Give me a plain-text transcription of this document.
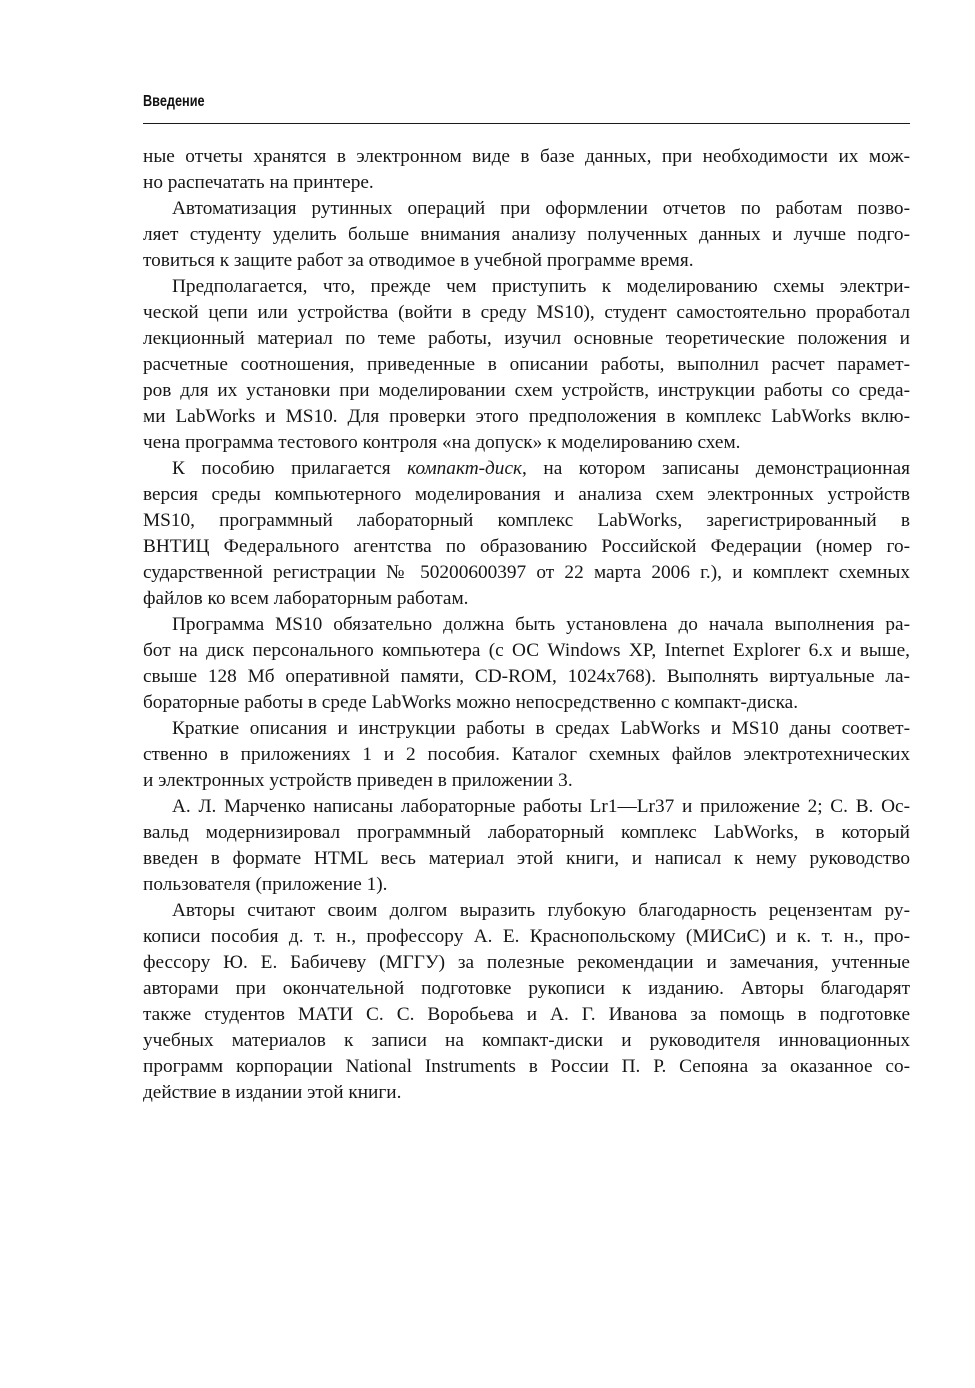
Введение

ные отчеты хранятся в электронном виде в базе данных, при необходимости их мож-
но распечатать на принтере.

Автоматизация рутинных операций при оформлении отчетов по работам позво-
ляет студенту уделить больше внимания анализу полученных данных и лучше подго-
товиться к защите работ за отводимое в учебной программе время.

Предполагается, что, прежде чем приступить к моделированию схемы электри-
ческой цепи или устройства (войти в среду MS10), студент самостоятельно проработал
лекционный материал по теме работы, изучил основные теоретические положения и
расчетные соотношения, приведенные в описании работы, выполнил расчет парамет-
ров для их установки при моделировании схем устройств, инструкции работы со среда-
ми LabWorks и MS10. Для проверки этого предположения в комплекс LabWorks вклю-
чена программа тестового контроля «на допуск» к моделированию схем.

К пособию прилагается компакт-диск, на котором записаны демонстрационная
версия среды компьютерного моделирования и анализа схем электронных устройств
MS10, программный лабораторный комплекс LabWorks, зарегистрированный в
ВНТИЦ Федерального агентства по образованию Российской Федерации (номер го-
сударственной регистрации № 50200600397 от 22 марта 2006 г.), и комплект схемных
файлов ко всем лабораторным работам.

Программа MS10 обязательно должна быть установлена до начала выполнения ра-
бот на диск персонального компьютера (с ОС Windows XP, Internet Explorer 6.x и выше,
свыше 128 Мб оперативной памяти, CD-ROM, 1024x768). Выполнять виртуальные ла-
бораторные работы в среде LabWorks можно непосредственно с компакт-диска.

Краткие описания и инструкции работы в средах LabWorks и MS10 даны соответ-
ственно в приложениях 1 и 2 пособия. Каталог схемных файлов электротехнических
и электронных устройств приведен в приложении 3.

А. Л. Марченко написаны лабораторные работы Lr1—Lr37 и приложение 2; С. В. Ос-
вальд модернизировал программный лабораторный комплекс LabWorks, в который
введен в формате HTML весь материал этой книги, и написал к нему руководство
пользователя (приложение 1).

Авторы считают своим долгом выразить глубокую благодарность рецензентам ру-
кописи пособия д. т. н., профессору А. Е. Краснопольскому (МИСиС) и к. т. н., про-
фессору Ю. Е. Бабичеву (МГГУ) за полезные рекомендации и замечания, учтенные
авторами при окончательной подготовке рукописи к изданию. Авторы благодарят
также студентов МАТИ С. С. Воробьева и А. Г. Иванова за помощь в подготовке
учебных материалов к записи на компакт-диски и руководителя инновационных
программ корпорации National Instruments в России П. Р. Сепояна за оказанное со-
действие в издании этой книги.
